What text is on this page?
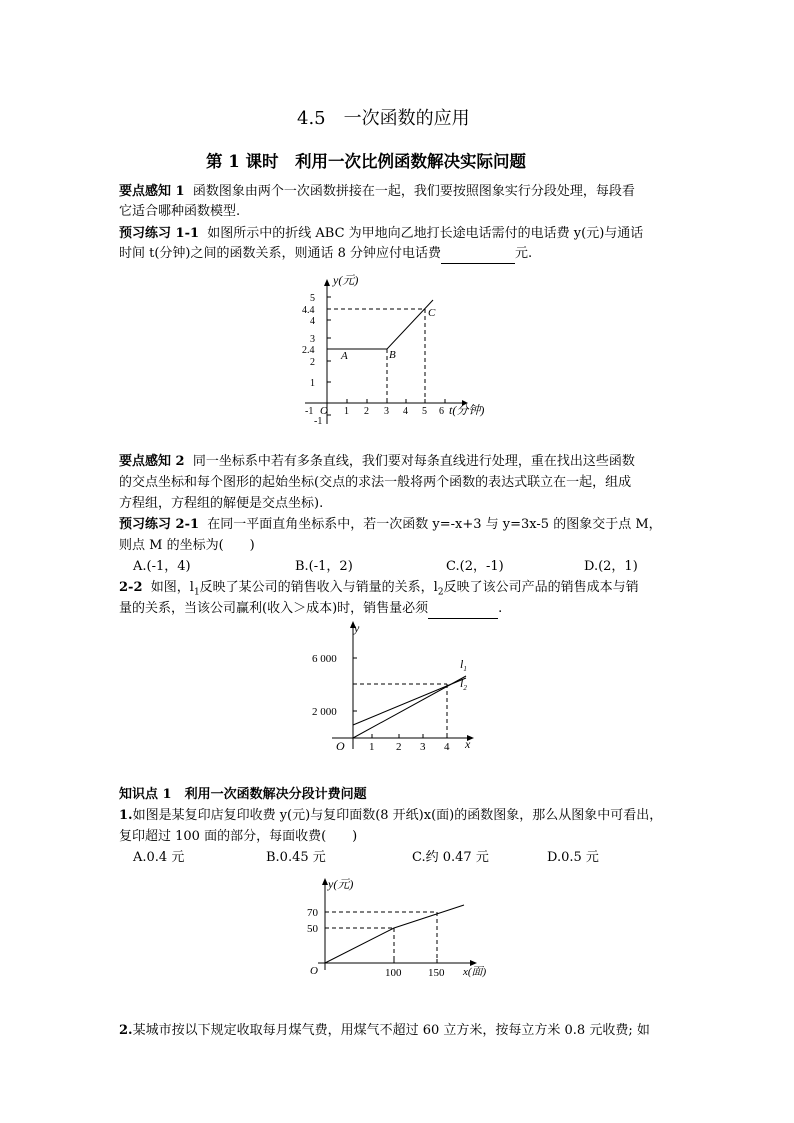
4.5　一次函数的应用
第 1 课时　利用一次比例函数解决实际问题
要点感知 1 函数图象由两个一次函数拼接在一起，我们要按照图象实行分段处理，每段看
它适合哪种函数模型.
预习练习 1-1 如图所示中的折线 ABC 为甲地向乙地打长途电话需付的电话费 y(元)与通话
时间 t(分钟)之间的函数关系，则通话 8 分钟应付电话费	元.
y(元)
5
4.4
4
3
2.4
2
1
-1
-1 O 1 2 3 4 5 6 t(分钟)
A	B
C
要点感知 2 同一坐标系中若有多条直线，我们要对每条直线进行处理，重在找出这些函数
的交点坐标和每个图形的起始坐标(交点的求法一般将两个函数的表达式联立在一起，组成
方程组，方程组的解便是交点坐标).
预习练习 2-1 在同一平面直角坐标系中，若一次函数 y=-x+3 与 y=3x-5 的图象交于点 M，
则点 M 的坐标为(　　)
A.(-1，4)	B.(-1，2)	C.(2，-1)	D.(2，1)
2-2 如图，$l_1$反映了某公司的销售收入与销量的关系，$l_2$反映了该公司产品的销售成本与销
量的关系，当该公司赢利(收入＞成本)时，销售量必须	.
y
6 000
2 000
O 1 2 3 4 x
$l_1$
$l_2$
知识点 1　利用一次函数解决分段计费问题
1.如图是某复印店复印收费 y(元)与复印面数(8 开纸)x(面)的函数图象，那么从图象中可看出，
复印超过 100 面的部分，每面收费(　　)
A.0.4 元	B.0.45 元	C.约 0.47 元	D.0.5 元
y(元)
70
50
O	100 150 x(面)
2.某城市按以下规定收取每月煤气费，用煤气不超过 60 立方米，按每立方米 0.8 元收费; 如
